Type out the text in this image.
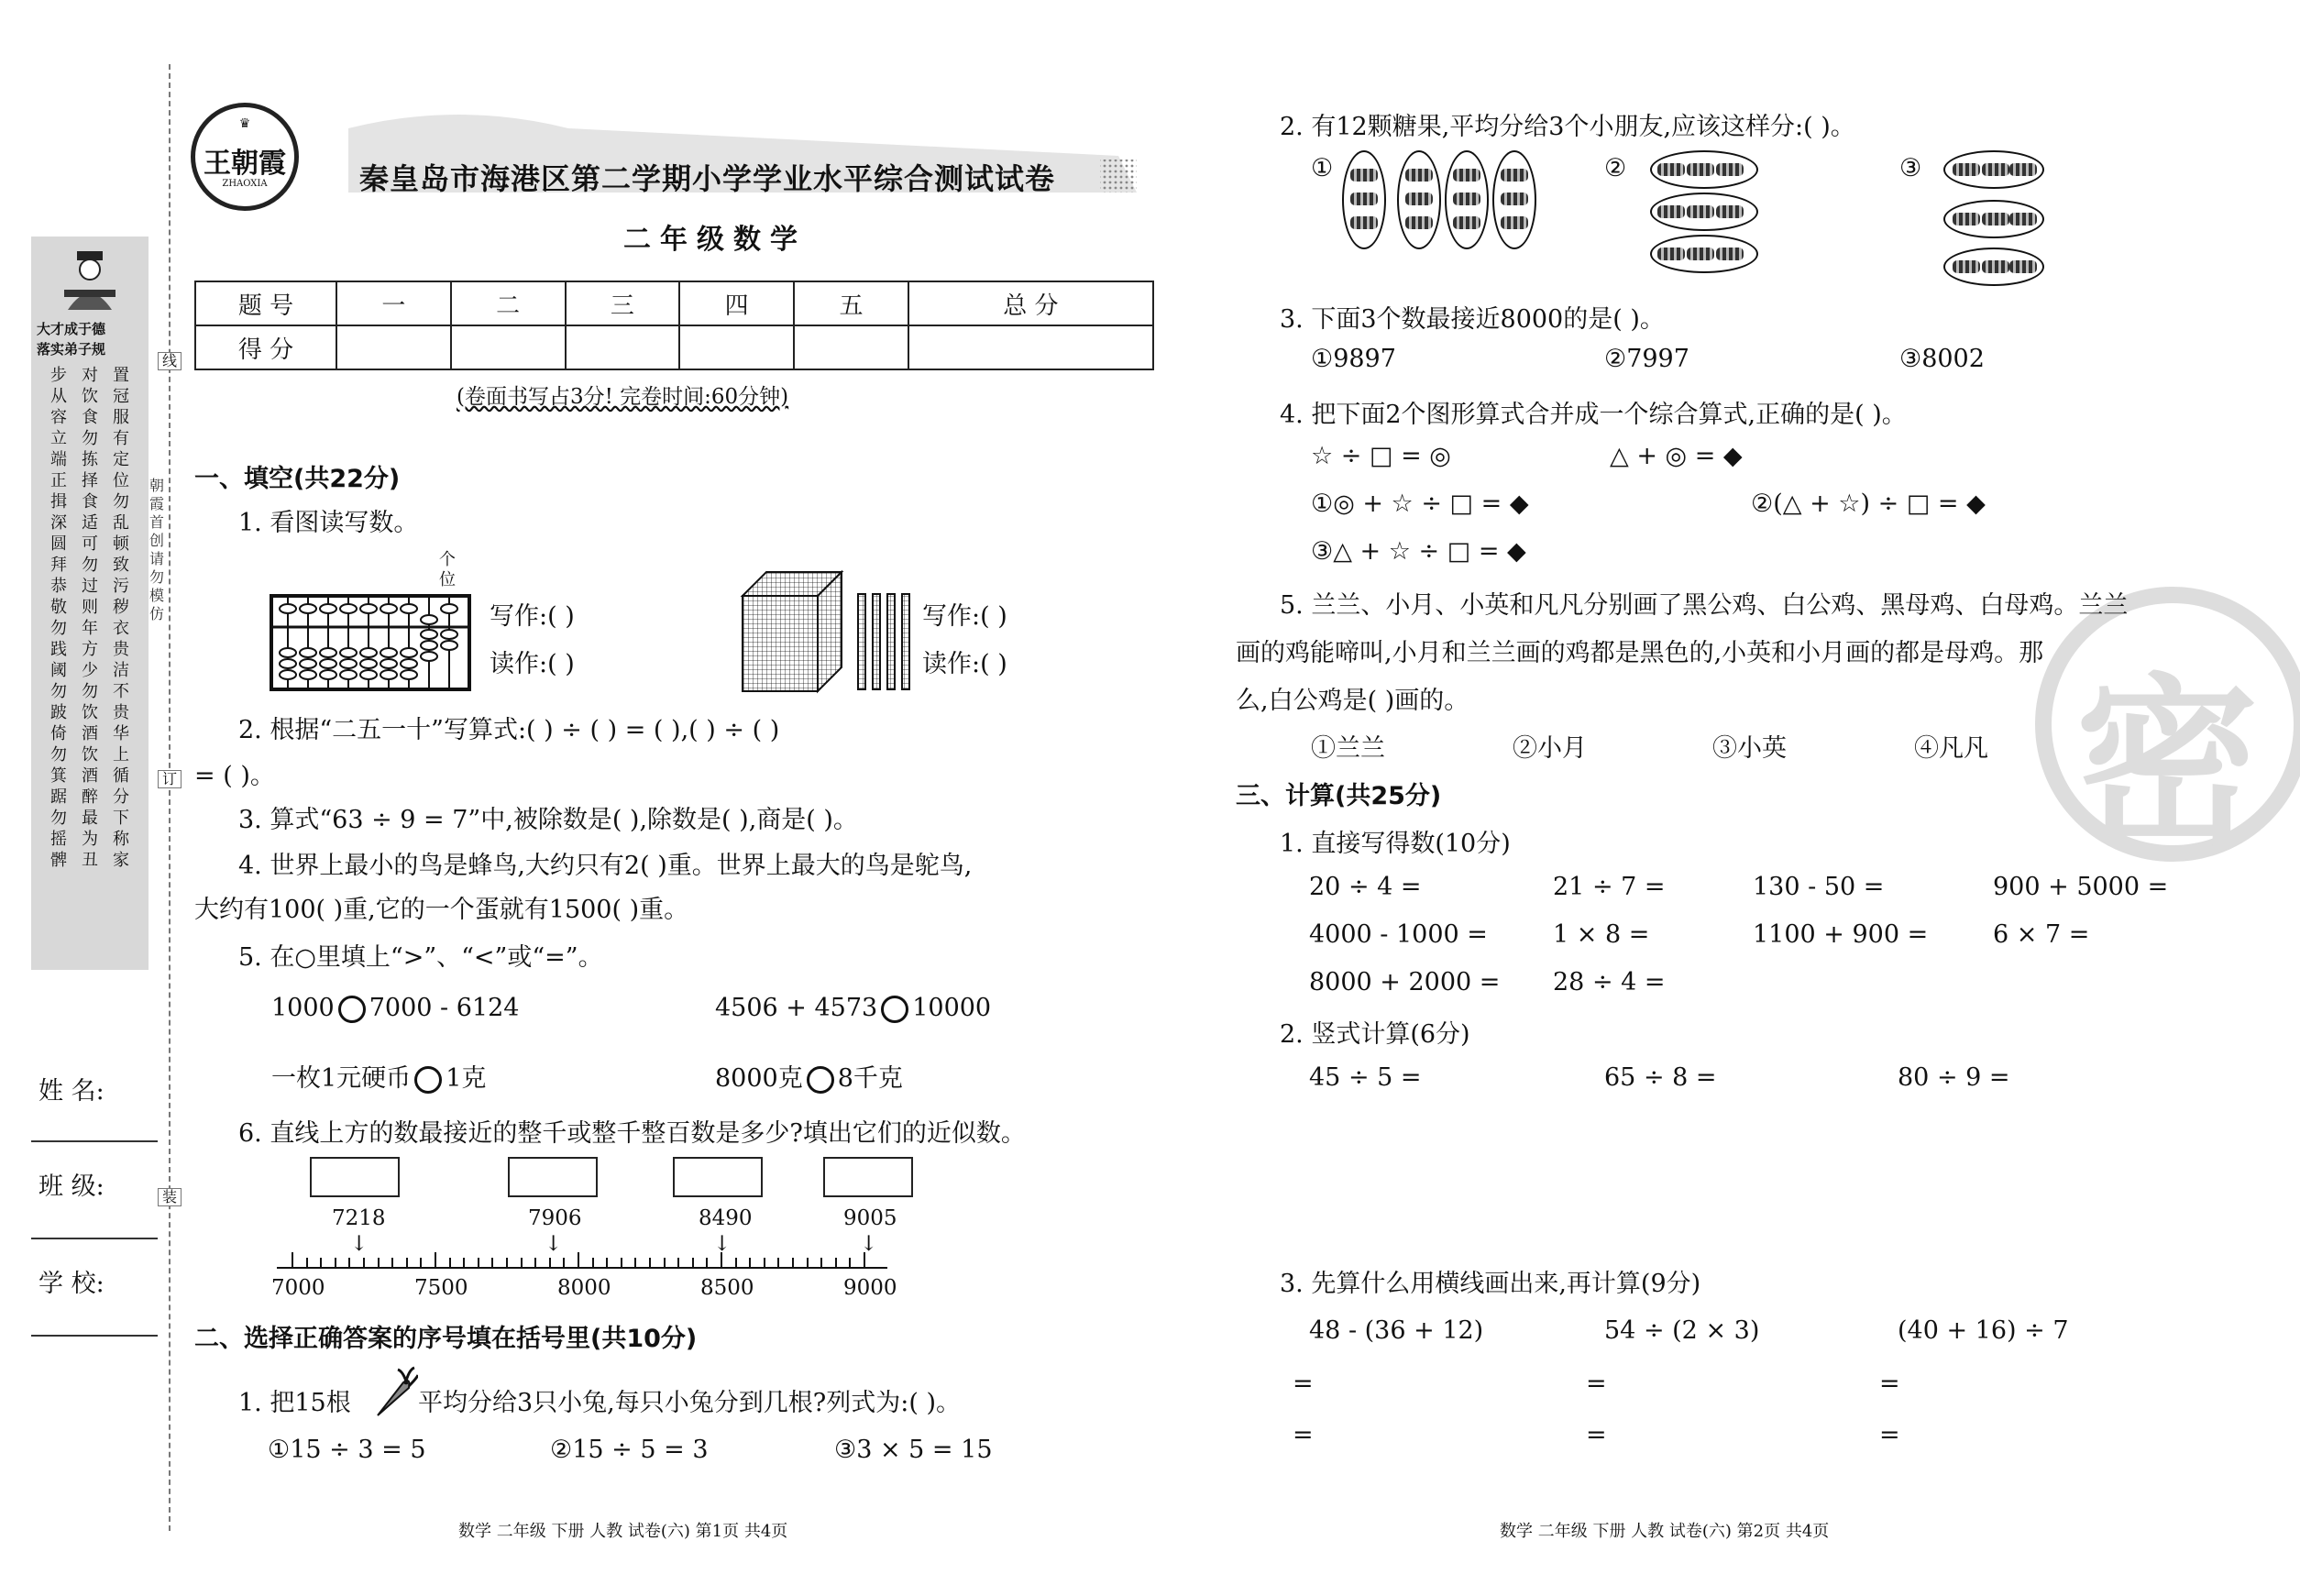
大才成于德
落实弟子规
步从容立端正揖深圆拜恭敬勿践阈勿跛倚勿箕踞勿摇髀
对饮食勿拣择食适可勿过则年方少勿饮酒饮酒醉最为丑
置冠服有定位勿乱顿致污秽衣贵洁不贵华上循分下称家
线
订
装
朝霞首创请勿模仿
姓 名:
班 级:
学 校:
♛
王朝霞
ZHAOXIA	秦皇岛市海港区第二学期小学学业水平综合测试试卷
二年级数学
题 号	一	二	三	四	五	总 分
得 分						
(卷面书写占3分! 完卷时间:60分钟)
一、填空(共22分)
1. 看图读写数。
个
位
写作:( )
读作:( )
写作:( )
读作:( )
2. 根据“二五一十”写算式:( ) ÷ ( ) = ( ),( ) ÷ ( )
= ( )。
3. 算式“63 ÷ 9 = 7”中,被除数是( ),除数是( ),商是( )。
4. 世界上最小的鸟是蜂鸟,大约只有2( )重。世界上最大的鸟是鸵鸟,
大约有100( )重,它的一个蛋就有1500( )重。
5. 在○里填上“>”、“<”或“=”。
1000 7000 - 6124	4506 + 4573 10000
一枚1元硬币 1克	8000克 8千克
6. 直线上方的数最接近的整千或整千整百数是多少?填出它们的近似数。
7218	7906	8490	9005
↓	↓	↓	↓
7000	7500	8000	8500	9000
二、选择正确答案的序号填在括号里(共10分)
1. 把15根	平均分给3只小兔,每只小兔分到几根?列式为:( )。
①15 ÷ 3 = 5	②15 ÷ 5 = 3	③3 × 5 = 15
数学 二年级 下册 人教 试卷(六) 第1页 共4页
密
2. 有12颗糖果,平均分给3个小朋友,应该这样分:( )。
①	②	③
3. 下面3个数最接近8000的是( )。
①9897	②7997	③8002
4. 把下面2个图形算式合并成一个综合算式,正确的是( )。
☆ ÷ □ = ◎	△ + ◎ = ◆
①◎ + ☆ ÷ □ = ◆	②(△ + ☆) ÷ □ = ◆
③△ + ☆ ÷ □ = ◆
5. 兰兰、小月、小英和凡凡分别画了黑公鸡、白公鸡、黑母鸡、白母鸡。兰兰
画的鸡能啼叫,小月和兰兰画的鸡都是黑色的,小英和小月画的都是母鸡。那
么,白公鸡是( )画的。
①兰兰	②小月	③小英	④凡凡
三、计算(共25分)
1. 直接写得数(10分)
20 ÷ 4 =	21 ÷ 7 =	130 - 50 =	900 + 5000 =
4000 - 1000 =	1 × 8 =	1100 + 900 =	6 × 7 =
8000 + 2000 = 28 ÷ 4 =
2. 竖式计算(6分)
45 ÷ 5 =	65 ÷ 8 =	80 ÷ 9 =
3. 先算什么用横线画出来,再计算(9分)
48 - (36 + 12)	54 ÷ (2 × 3)	(40 + 16) ÷ 7
=	=	=
=	=	=
数学 二年级 下册 人教 试卷(六) 第2页 共4页
